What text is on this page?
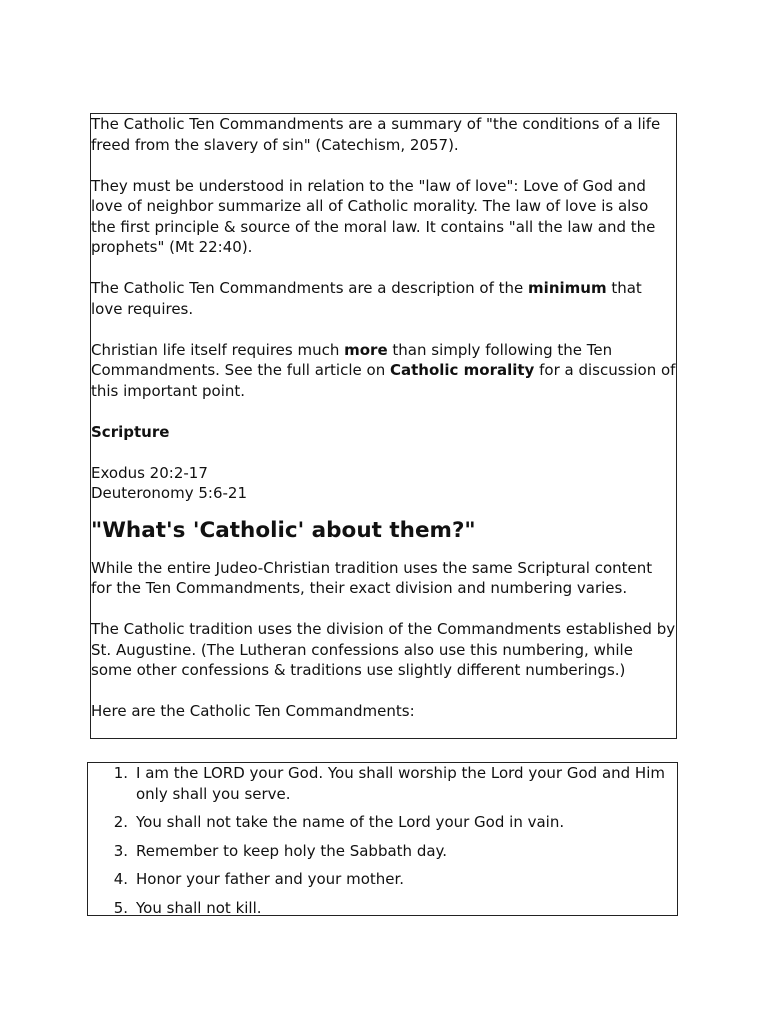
The Catholic Ten Commandments are a summary of "the conditions of a life freed from the slavery of sin" (Catechism, 2057).

They must be understood in relation to the "law of love": Love of God and love of neighbor summarize all of Catholic morality. The law of love is also the first principle & source of the moral law. It contains "all the law and the prophets" (Mt 22:40).

The Catholic Ten Commandments are a description of the minimum that love requires.

Christian life itself requires much more than simply following the Ten Commandments. See the full article on Catholic morality for a discussion of this important point.

Scripture

Exodus 20:2-17

Deuteronomy 5:6-21

"What's 'Catholic' about them?"

While the entire Judeo-Christian tradition uses the same Scriptural content for the Ten Commandments, their exact division and numbering varies.

The Catholic tradition uses the division of the Commandments established by St. Augustine. (The Lutheran confessions also use this numbering, while some other confessions & traditions use slightly different numberings.)

Here are the Catholic Ten Commandments:

1. I am the LORD your God. You shall worship the Lord your God and Him only shall you serve.
2. You shall not take the name of the Lord your God in vain.
3. Remember to keep holy the Sabbath day.
4. Honor your father and your mother.
5. You shall not kill.
